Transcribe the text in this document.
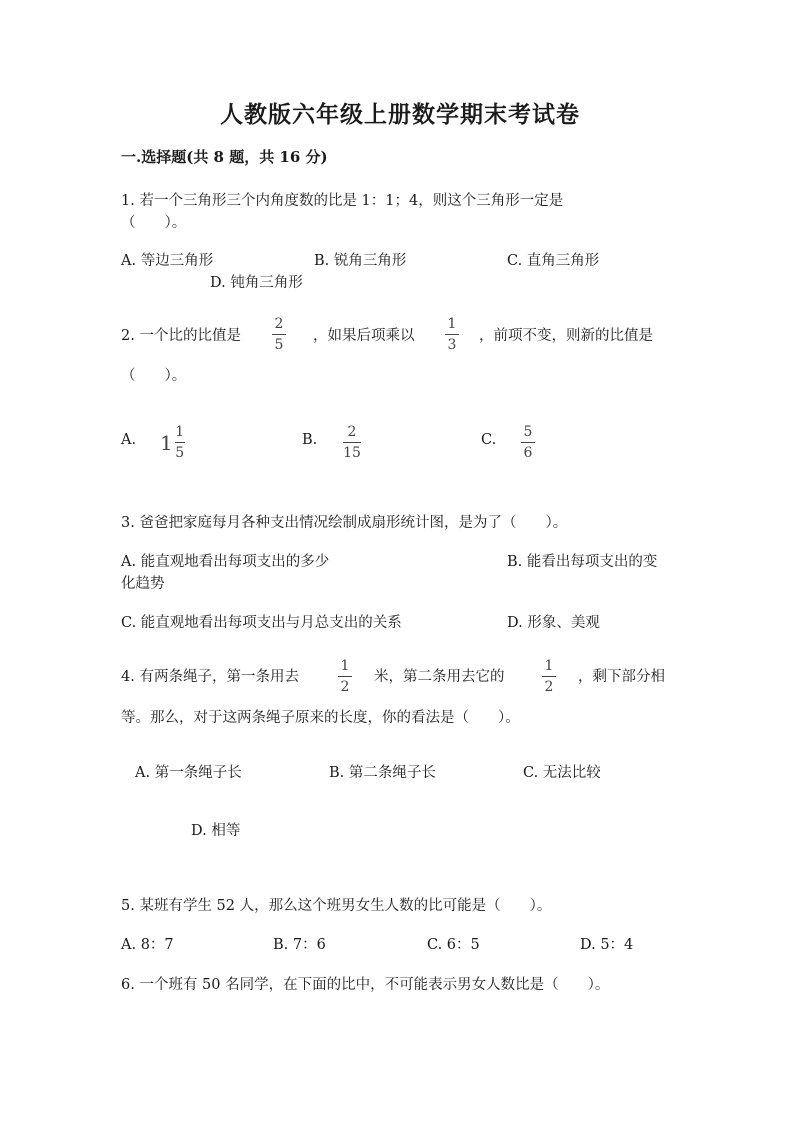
人教版六年级上册数学期末考试卷
一.选择题(共 8 题，共 16 分)
1. 若一个三角形三个内角度数的比是 1：1；4，则这个三角形一定是
（　　）。
A. 等边三角形	B. 锐角三角形	C. 直角三角形
D. 钝角三角形
2. 一个比的比值是
2
5
，如果后项乘以
1
3
，前项不变，则新的比值是
（　　）。
A. $1 \frac{1}{5}$	B. 2
15
C. 5
6
3. 爸爸把家庭每月各种支出情况绘制成扇形统计图，是为了（　　）。
A. 能直观地看出每项支出的多少	B. 能看出每项支出的变
化趋势
C. 能直观地看出每项支出与月总支出的关系	D. 形象、美观
4. 有两条绳子，第一条用去
1
2
米，第二条用去它的
1
2
，剩下部分相
等。那么，对于这两条绳子原来的长度，你的看法是（　　）。
A. 第一条绳子长	B. 第二条绳子长	C. 无法比较
D. 相等
5. 某班有学生 52 人，那么这个班男女生人数的比可能是（　　）。
A. 8：7	B. 7：6	C. 6：5	D. 5：4
6. 一个班有 50 名同学，在下面的比中，不可能表示男女人数比是（　　）。
